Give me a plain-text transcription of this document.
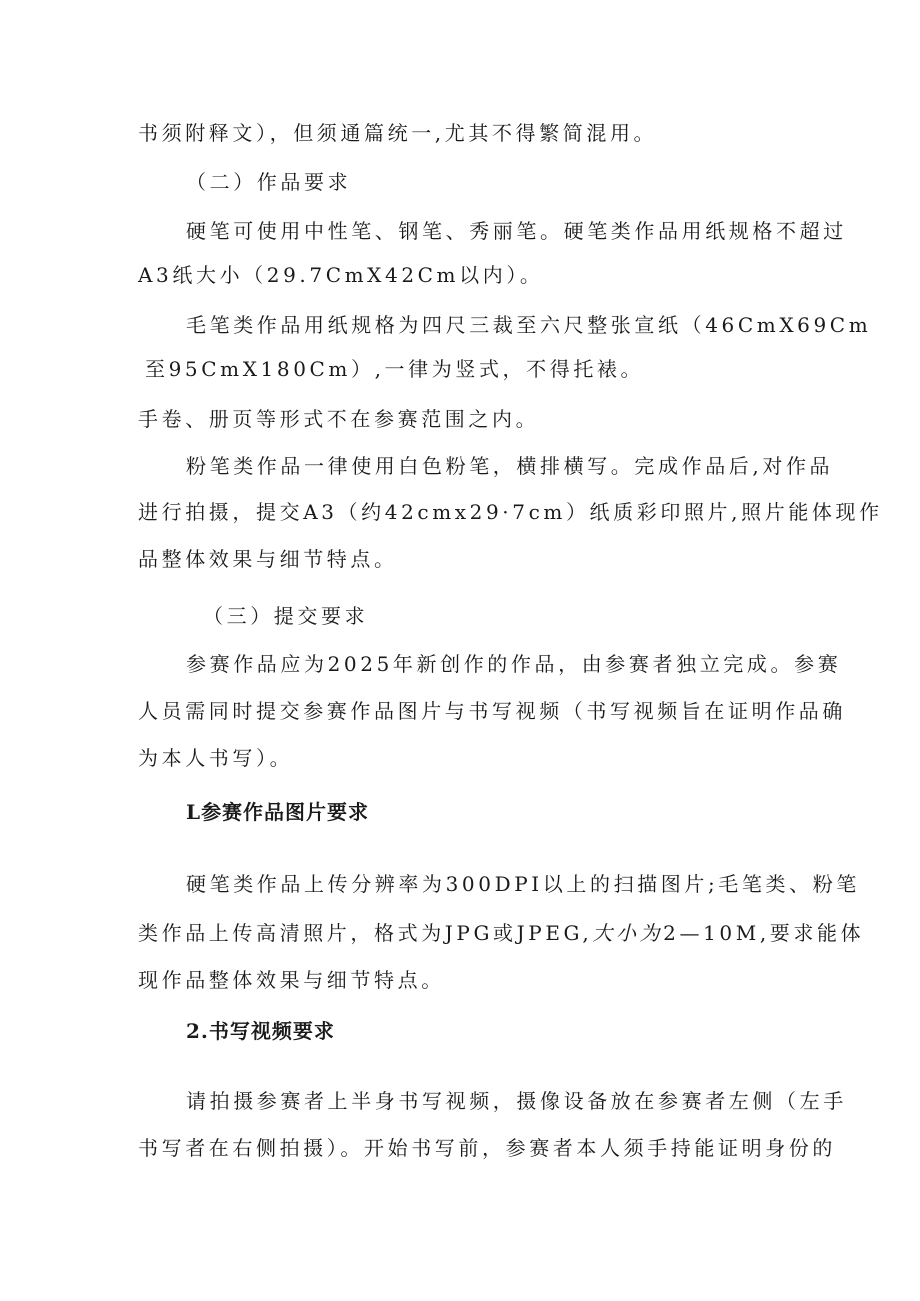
书须附释文），但须通篇统一,尤其不得繁简混用。
（二）作品要求
硬笔可使用中性笔、钢笔、秀丽笔。硬笔类作品用纸规格不超过
A3纸大小（29.7CmX42Cm以内）。
毛笔类作品用纸规格为四尺三裁至六尺整张宣纸（46CmX69Cm
至95CmX180Cm）,一律为竖式，不得托裱。
手卷、册页等形式不在参赛范围之内。
粉笔类作品一律使用白色粉笔，横排横写。完成作品后,对作品
进行拍摄，提交A3（约42cmx29·7cm）纸质彩印照片,照片能体现作
品整体效果与细节特点。
（三）提交要求
参赛作品应为2025年新创作的作品，由参赛者独立完成。参赛
人员需同时提交参赛作品图片与书写视频（书写视频旨在证明作品确
为本人书写）。
L参赛作品图片要求
硬笔类作品上传分辨率为300DPI以上的扫描图片;毛笔类、粉笔
类作品上传高清照片，格式为JPG或JPEG,大小为2—10M,要求能体
现作品整体效果与细节特点。
2.书写视频要求
请拍摄参赛者上半身书写视频，摄像设备放在参赛者左侧（左手
书写者在右侧拍摄）。开始书写前，参赛者本人须手持能证明身份的
